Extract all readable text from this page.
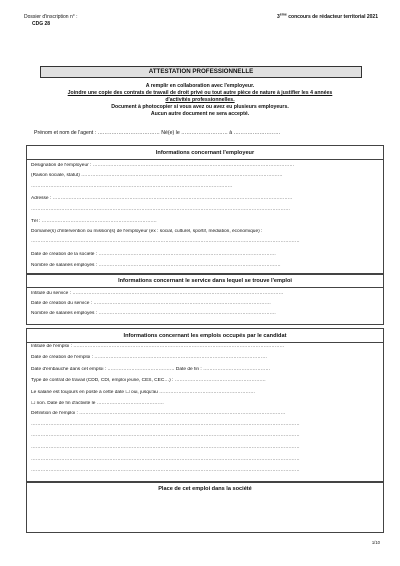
Dossier d'inscription n° :
CDG 28
3ème concours de rédacteur territorial 2021
ATTESTATION PROFESSIONNELLE
A remplir en collaboration avec l'employeur.
Joindre une copie des contrats de travail de droit privé ou tout autre pièce de nature à justifier les 4 années
d'activités professionnelles.
Document à photocopier si vous avez ou avez eu plusieurs employeurs.
Aucun autre document ne sera accepté.
Prénom et nom de l'agent : ……………………………… Né(e) le ……………………… à ………………………
Informations concernant l'employeur
Désignation de l'employeur : ………………………………………………………………………………………………………………
(Raison sociale, statut) ………………………………………………………………………………………………………………
………………………………………………………………………………………………………………
Adresse : ……………………………………………………………………………………………………………………………………
………………………………………………………………………………………………………………………………………………
Tél : ………………………………………………………………
Domaine(s) d'intervention ou mission(s) de l'employeur (ex : social, culturel, sportif, médiation, économique) :
……………………………………………………………………………………………………………………………………………………
Date de création de la société : …………………………………………………………………………………………………
Nombre de salariés employés : ……………………………………………………………………………………………………
Informations concernant le service dans lequel se trouve l'emploi
Intitulé du service : ……………………………………………………………………………………………………………………
Date de création du service : …………………………………………………………………………………………………
Nombre de salariés employés : …………………………………………………………………………………………………
Informations concernant les emplois occupés par le candidat
Intitulé de l'emploi : ……………………………………………………………………………………………………………………
Date de création de l'emploi : ………………………………………………………………………………………………
Date d'embauche dans cet emploi : …………………………………… Date de fin : ……………………………………
Type de contrat de travail (CDD, CDI, emploi jeune, CES, CEC…) : …………………………………………………
Le salarié est toujours en poste à cette date ☐ oui, jusqu'au ……………………………………………………
☐ non. Date de fin d'activité le ……………………………………
Définition de l'emploi : …………………………………………………………………………………………………………………
……………………………………………………………………………………………………………………………………………………
……………………………………………………………………………………………………………………………………………………
……………………………………………………………………………………………………………………………………………………
……………………………………………………………………………………………………………………………………………………
……………………………………………………………………………………………………………………………………………………
Place de cet emploi dans la société
1/10
